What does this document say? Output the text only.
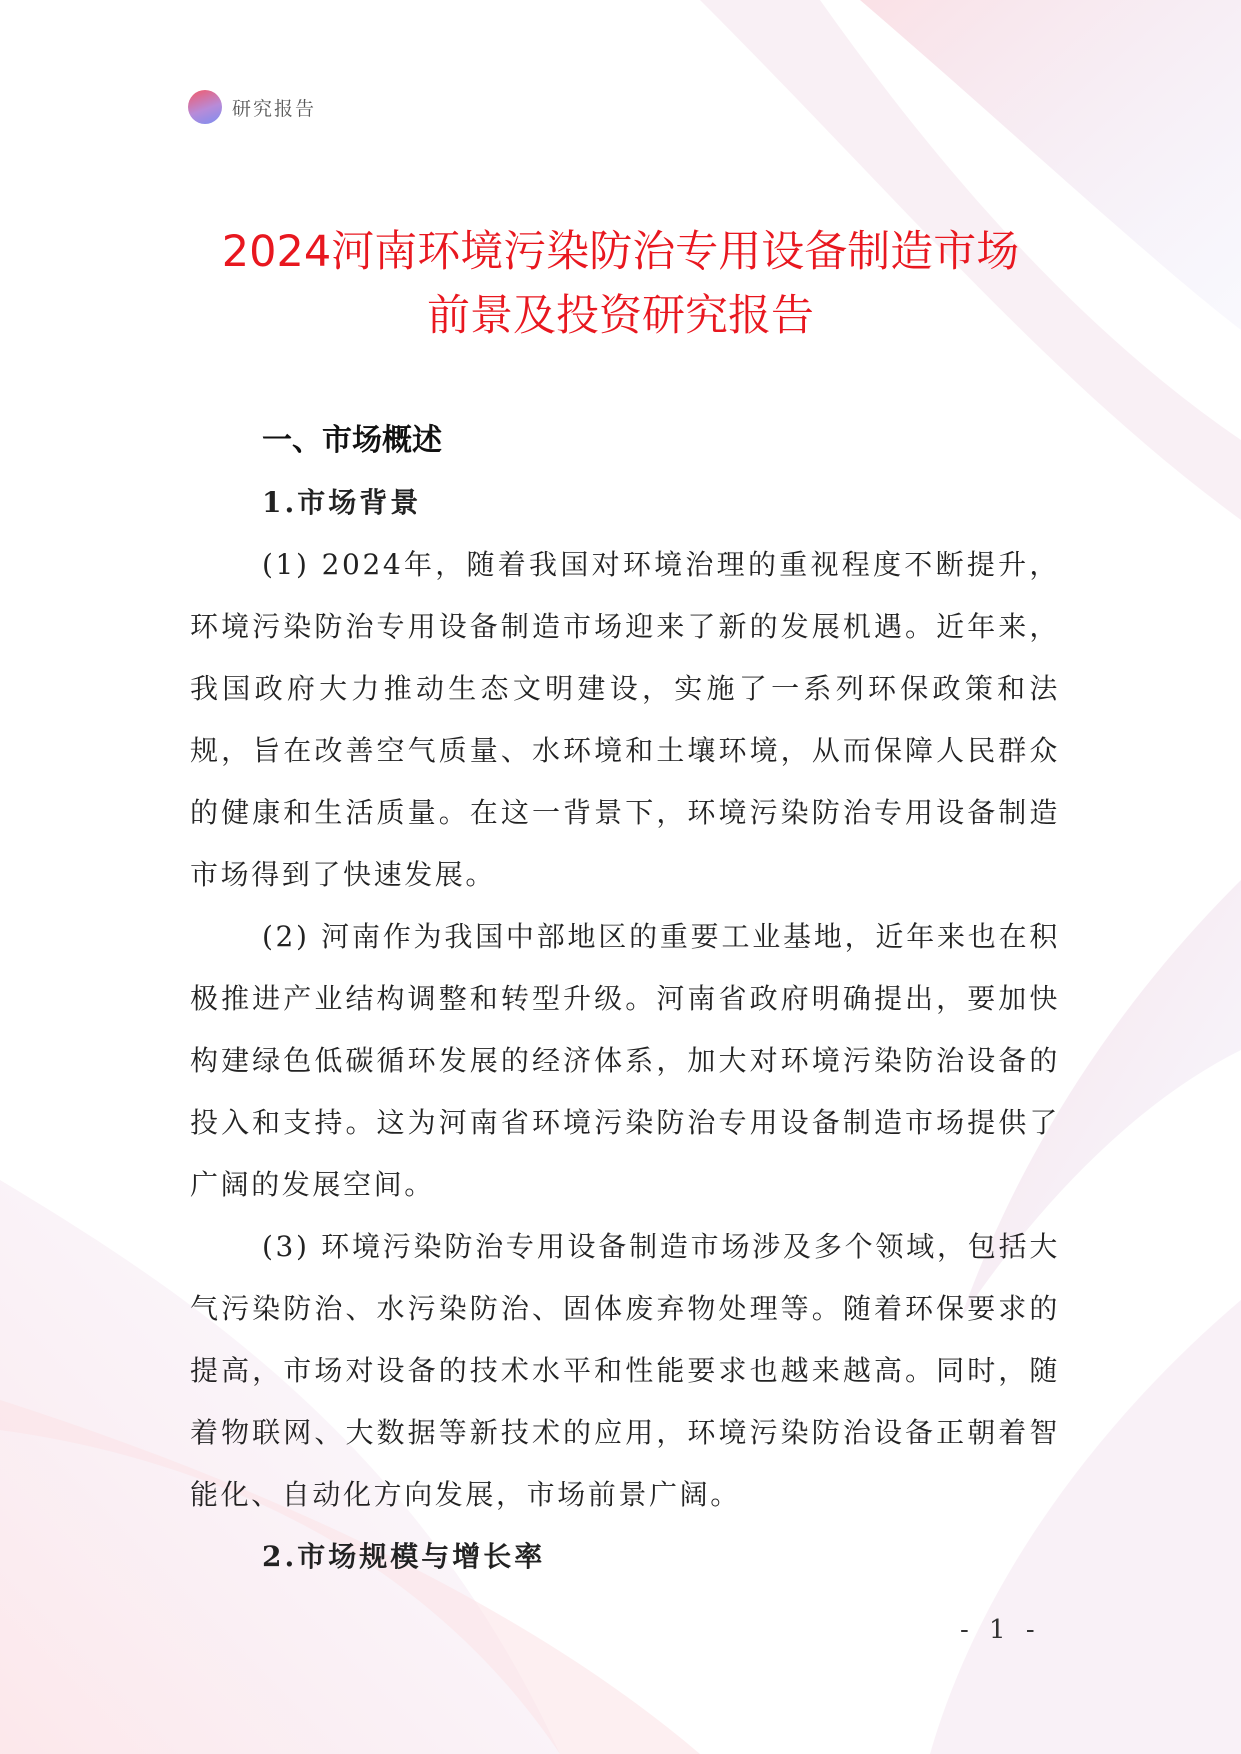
研究报告
2024河南环境污染防治专用设备制造市场
前景及投资研究报告
一、市场概述
1.市场背景

(1) 2024年，随着我国对环境治理的重视程度不断提升，环境污染防治专用设备制造市场迎来了新的发展机遇。近年来，我国政府大力推动生态文明建设，实施了一系列环保政策和法规，旨在改善空气质量、水环境和土壤环境，从而保障人民群众的健康和生活质量。在这一背景下，环境污染防治专用设备制造市场得到了快速发展。

(2) 河南作为我国中部地区的重要工业基地，近年来也在积极推进产业结构调整和转型升级。河南省政府明确提出，要加快构建绿色低碳循环发展的经济体系，加大对环境污染防治设备的投入和支持。这为河南省环境污染防治专用设备制造市场提供了广阔的发展空间。

(3) 环境污染防治专用设备制造市场涉及多个领域，包括大气污染防治、水污染防治、固体废弃物处理等。随着环保要求的提高，市场对设备的技术水平和性能要求也越来越高。同时，随着物联网、大数据等新技术的应用，环境污染防治设备正朝着智能化、自动化方向发展，市场前景广阔。

2.市场规模与增长率
- 1 -
